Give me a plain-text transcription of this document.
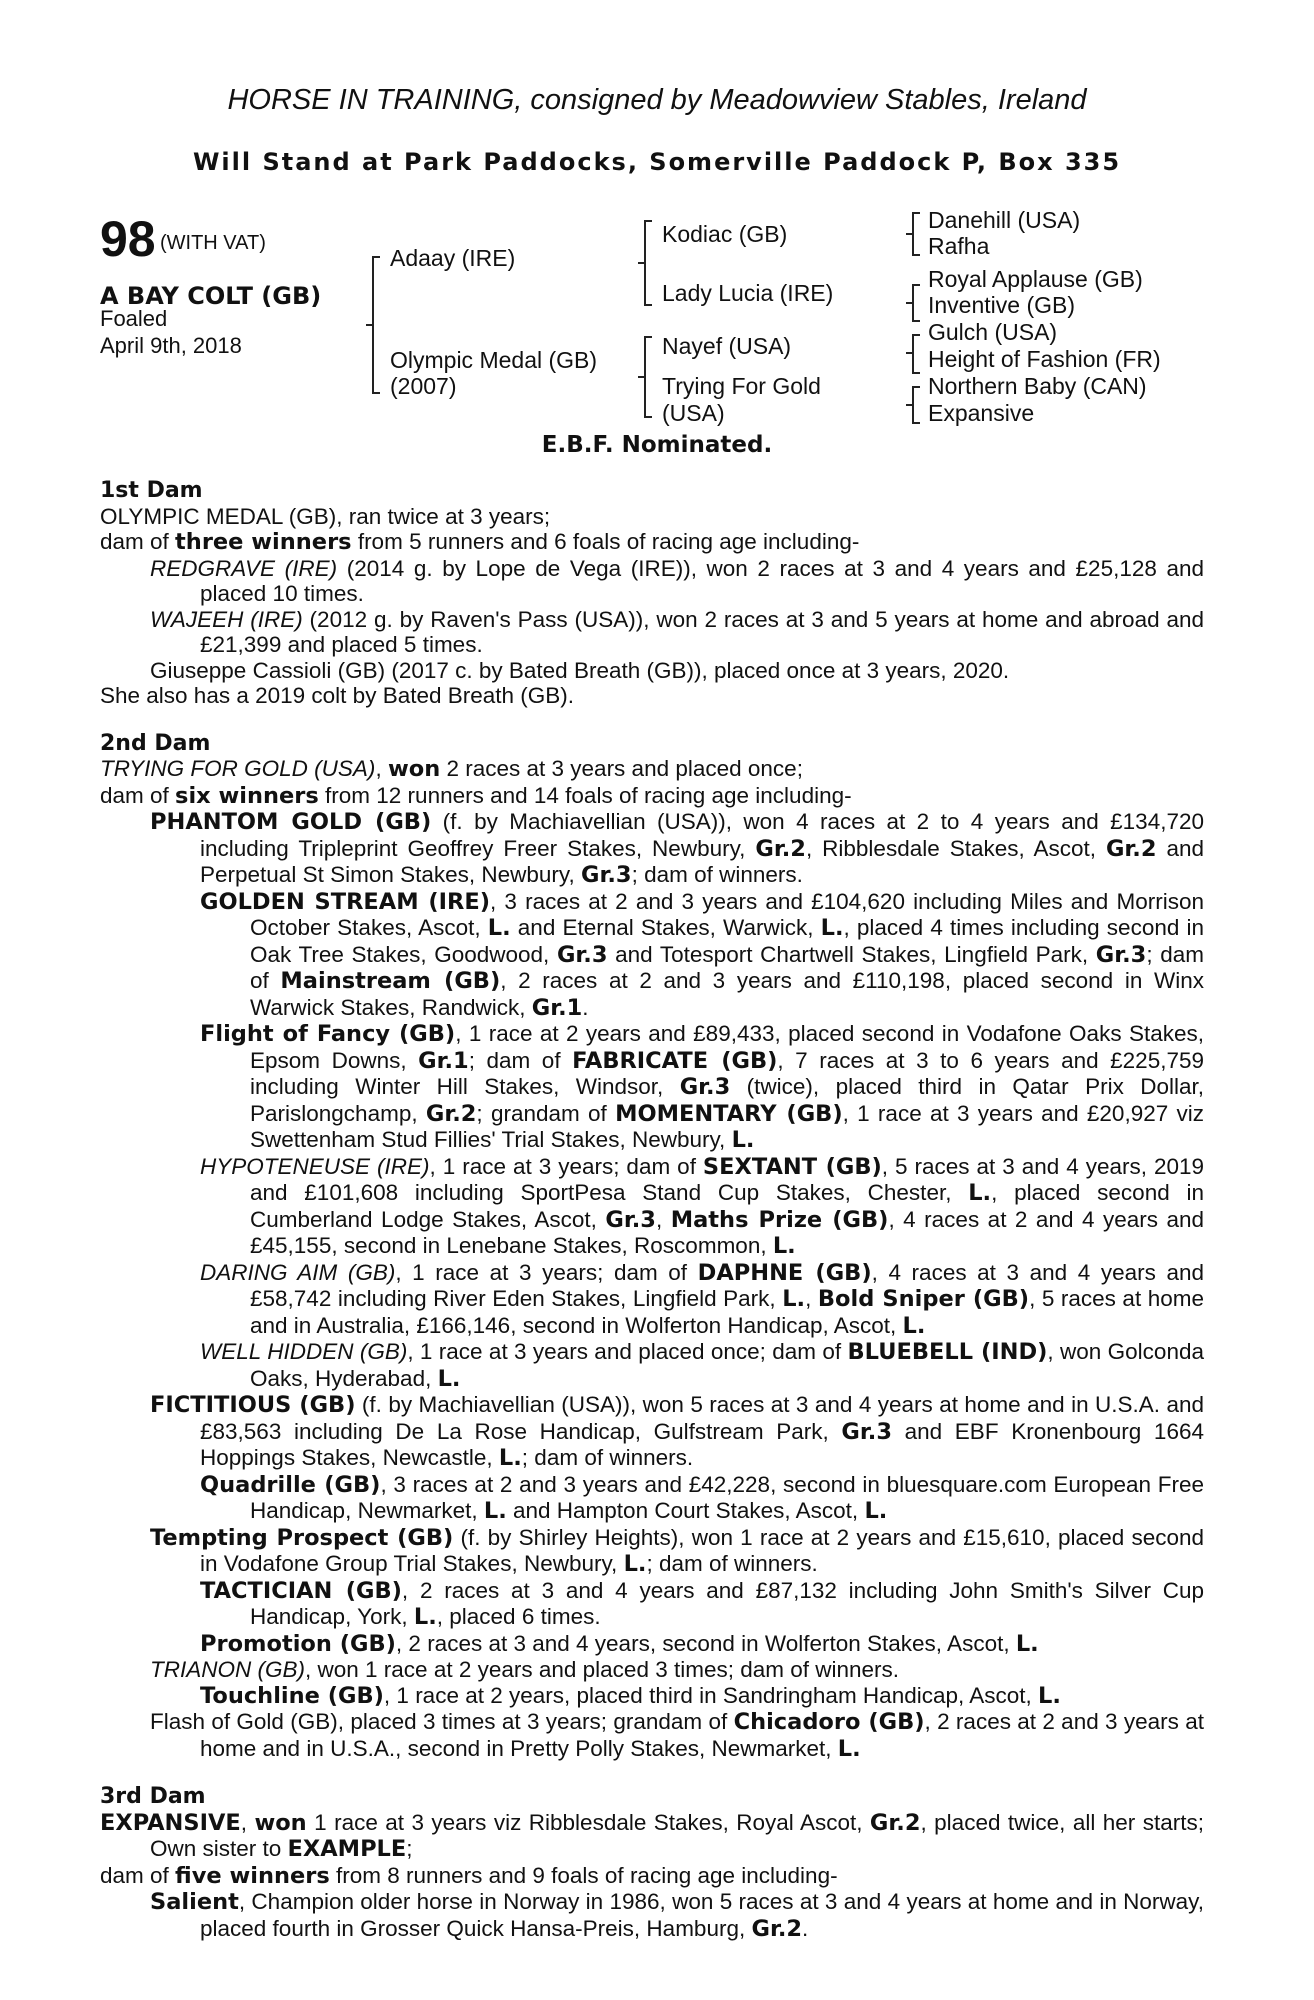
HORSE IN TRAINING, consigned by Meadowview Stables, Ireland
Will Stand at Park Paddocks, Somerville Paddock P, Box 335
98 (WITH VAT)
A BAY COLT (GB)
Foaled
April 9th, 2018
Adaay (IRE)
Olympic Medal (GB)
(2007)
Kodiac (GB)
Lady Lucia (IRE)
Nayef (USA)
Trying For Gold
(USA)
Danehill (USA)
Rafha
Royal Applause (GB)
Inventive (GB)
Gulch (USA)
Height of Fashion (FR)
Northern Baby (CAN)
Expansive
E.B.F. Nominated.
1st Dam
OLYMPIC MEDAL (GB), ran twice at 3 years;
dam of three winners from 5 runners and 6 foals of racing age including-
REDGRAVE (IRE) (2014 g. by Lope de Vega (IRE)), won 2 races at 3 and 4 years and £25,128 and placed 10 times.
WAJEEH (IRE) (2012 g. by Raven's Pass (USA)), won 2 races at 3 and 5 years at home and abroad and £21,399 and placed 5 times.
Giuseppe Cassioli (GB) (2017 c. by Bated Breath (GB)), placed once at 3 years, 2020.
She also has a 2019 colt by Bated Breath (GB).
2nd Dam
TRYING FOR GOLD (USA), won 2 races at 3 years and placed once;
dam of six winners from 12 runners and 14 foals of racing age including-
PHANTOM GOLD (GB) (f. by Machiavellian (USA)), won 4 races at 2 to 4 years and £134,720 including Tripleprint Geoffrey Freer Stakes, Newbury, Gr.2, Ribblesdale Stakes, Ascot, Gr.2 and Perpetual St Simon Stakes, Newbury, Gr.3; dam of winners.
GOLDEN STREAM (IRE), 3 races at 2 and 3 years and £104,620 including Miles and Morrison October Stakes, Ascot, L. and Eternal Stakes, Warwick, L., placed 4 times including second in Oak Tree Stakes, Goodwood, Gr.3 and Totesport Chartwell Stakes, Lingfield Park, Gr.3; dam of Mainstream (GB), 2 races at 2 and 3 years and £110,198, placed second in Winx Warwick Stakes, Randwick, Gr.1.
Flight of Fancy (GB), 1 race at 2 years and £89,433, placed second in Vodafone Oaks Stakes, Epsom Downs, Gr.1; dam of FABRICATE (GB), 7 races at 3 to 6 years and £225,759 including Winter Hill Stakes, Windsor, Gr.3 (twice), placed third in Qatar Prix Dollar, Parislongchamp, Gr.2; grandam of MOMENTARY (GB), 1 race at 3 years and £20,927 viz Swettenham Stud Fillies' Trial Stakes, Newbury, L.
HYPOTENEUSE (IRE), 1 race at 3 years; dam of SEXTANT (GB), 5 races at 3 and 4 years, 2019 and £101,608 including SportPesa Stand Cup Stakes, Chester, L., placed second in Cumberland Lodge Stakes, Ascot, Gr.3, Maths Prize (GB), 4 races at 2 and 4 years and £45,155, second in Lenebane Stakes, Roscommon, L.
DARING AIM (GB), 1 race at 3 years; dam of DAPHNE (GB), 4 races at 3 and 4 years and £58,742 including River Eden Stakes, Lingfield Park, L., Bold Sniper (GB), 5 races at home and in Australia, £166,146, second in Wolferton Handicap, Ascot, L.
WELL HIDDEN (GB), 1 race at 3 years and placed once; dam of BLUEBELL (IND), won Golconda Oaks, Hyderabad, L.
FICTITIOUS (GB) (f. by Machiavellian (USA)), won 5 races at 3 and 4 years at home and in U.S.A. and £83,563 including De La Rose Handicap, Gulfstream Park, Gr.3 and EBF Kronenbourg 1664 Hoppings Stakes, Newcastle, L.; dam of winners.
Quadrille (GB), 3 races at 2 and 3 years and £42,228, second in bluesquare.com European Free Handicap, Newmarket, L. and Hampton Court Stakes, Ascot, L.
Tempting Prospect (GB) (f. by Shirley Heights), won 1 race at 2 years and £15,610, placed second in Vodafone Group Trial Stakes, Newbury, L.; dam of winners.
TACTICIAN (GB), 2 races at 3 and 4 years and £87,132 including John Smith's Silver Cup Handicap, York, L., placed 6 times.
Promotion (GB), 2 races at 3 and 4 years, second in Wolferton Stakes, Ascot, L.
TRIANON (GB), won 1 race at 2 years and placed 3 times; dam of winners.
Touchline (GB), 1 race at 2 years, placed third in Sandringham Handicap, Ascot, L.
Flash of Gold (GB), placed 3 times at 3 years; grandam of Chicadoro (GB), 2 races at 2 and 3 years at home and in U.S.A., second in Pretty Polly Stakes, Newmarket, L.
3rd Dam
EXPANSIVE, won 1 race at 3 years viz Ribblesdale Stakes, Royal Ascot, Gr.2, placed twice, all her starts; Own sister to EXAMPLE;
dam of five winners from 8 runners and 9 foals of racing age including-
Salient, Champion older horse in Norway in 1986, won 5 races at 3 and 4 years at home and in Norway, placed fourth in Grosser Quick Hansa-Preis, Hamburg, Gr.2.
